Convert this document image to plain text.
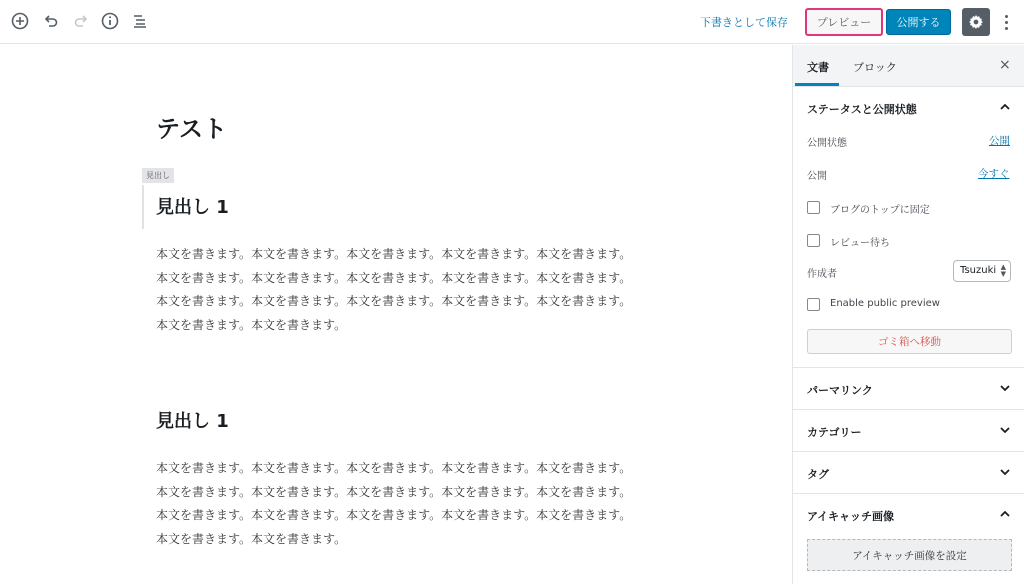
下書きとして保存	プレビュー	公開する
テスト
見出し
見出し 1
本文を書きます。本文を書きます。本文を書きます。本文を書きます。本文を書きます。本文を書きます。本文を書きます。本文を書きます。本文を書きます。本文を書きます。本文を書きます。本文を書きます。本文を書きます。本文を書きます。本文を書きます。本文を書きます。本文を書きます。
見出し 1
本文を書きます。本文を書きます。本文を書きます。本文を書きます。本文を書きます。本文を書きます。本文を書きます。本文を書きます。本文を書きます。本文を書きます。本文を書きます。本文を書きます。本文を書きます。本文を書きます。本文を書きます。本文を書きます。本文を書きます。
文書 ブロック	×
ステータスと公開状態
公開状態	公開
公開	今すぐ
ブログのトップに固定
レビュー待ち
作成者	Tsuzuki ▲
▼
Enable public preview
ゴミ箱へ移動
パーマリンク
カテゴリー
タグ
アイキャッチ画像
アイキャッチ画像を設定
